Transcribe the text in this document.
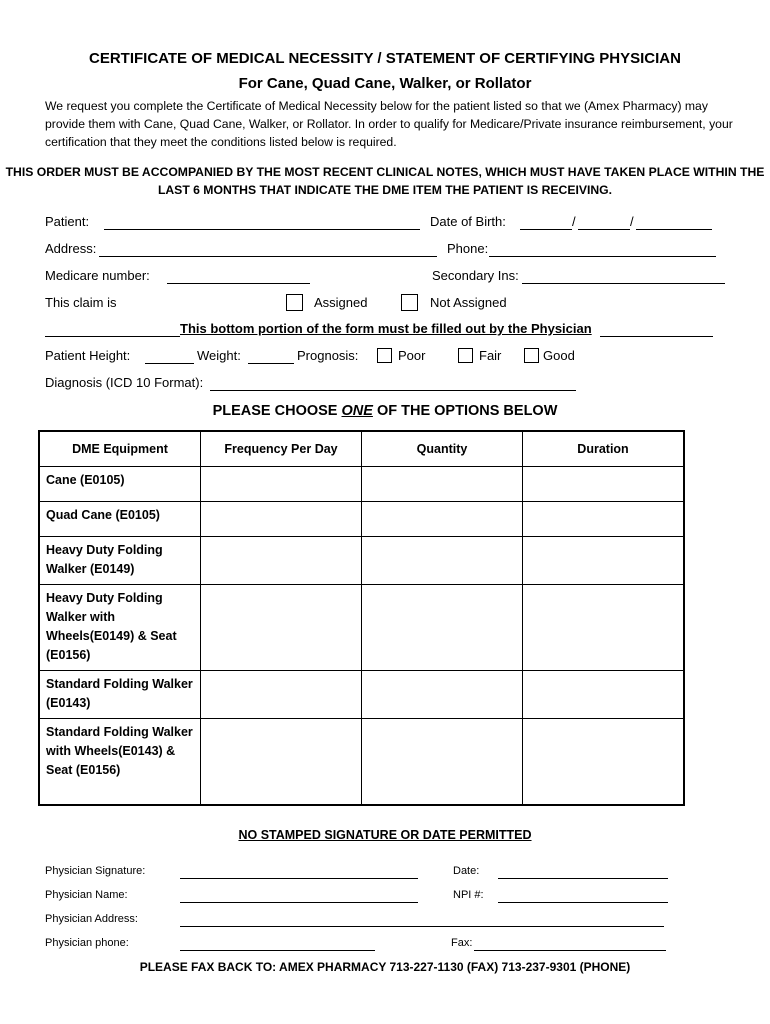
CERTIFICATE OF MEDICAL NECESSITY / STATEMENT OF CERTIFYING PHYSICIAN
For Cane, Quad Cane, Walker, or Rollator
We request you complete the Certificate of Medical Necessity below for the patient listed so that we (Amex Pharmacy) may provide them with Cane, Quad Cane, Walker, or Rollator. In order to qualify for Medicare/Private insurance reimbursement, your certification that they meet the conditions listed below is required.
THIS ORDER MUST BE ACCOMPANIED BY THE MOST RECENT CLINICAL NOTES, WHICH MUST HAVE TAKEN PLACE WITHIN THE LAST 6 MONTHS THAT INDICATE THE DME ITEM THE PATIENT IS RECEIVING.
Patient:	Date of Birth:	/	/
Address:	Phone:
Medicare number:	Secondary Ins:
This claim is	Assigned	Not Assigned
This bottom portion of the form must be filled out by the Physician
Patient Height:	Weight:	Prognosis:	Poor	Fair	Good
Diagnosis (ICD 10 Format):
PLEASE CHOOSE ONE OF THE OPTIONS BELOW
DME Equipment	Frequency Per Day	Quantity	Duration
Cane (E0105)			
Quad Cane (E0105)			
Heavy Duty Folding Walker (E0149)			
Heavy Duty Folding Walker with Wheels(E0149) & Seat (E0156)			
Standard Folding Walker (E0143)			
Standard Folding Walker with Wheels(E0143) & Seat (E0156)			
NO STAMPED SIGNATURE OR DATE PERMITTED
Physician Signature:	Date:
Physician Name:	NPI #:
Physician Address:
Physician phone:	Fax:
PLEASE FAX BACK TO: AMEX PHARMACY 713-227-1130 (FAX) 713-237-9301 (PHONE)
